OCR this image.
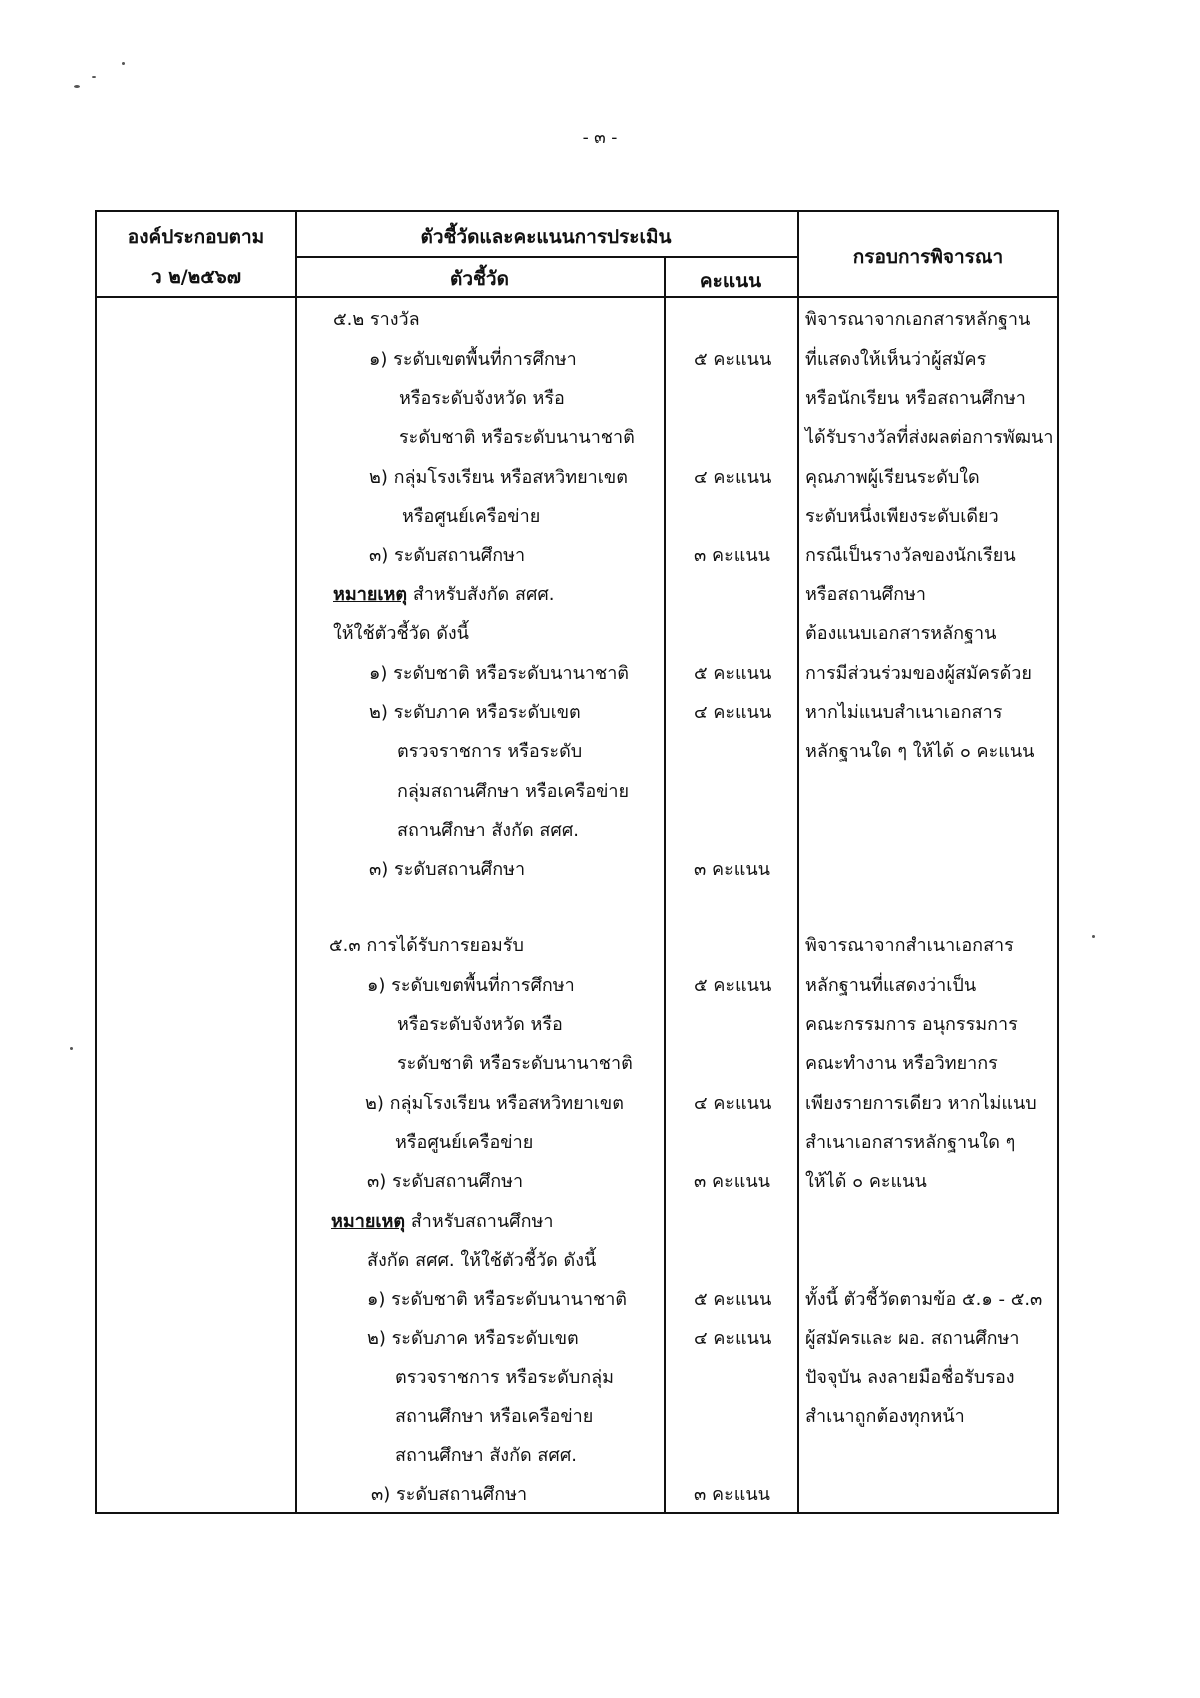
- ๓ -
องค์ประกอบตาม
ว ๒/๒๕๖๗
ตัวชี้วัดและคะแนนการประเมิน
ตัวชี้วัด	คะแนน
กรอบการพิจารณา
๕.๒ รางวัล
๑) ระดับเขตพื้นที่การศึกษา
หรือระดับจังหวัด หรือ
ระดับชาติ หรือระดับนานาชาติ
๒) กลุ่มโรงเรียน หรือสหวิทยาเขต
หรือศูนย์เครือข่าย
๓) ระดับสถานศึกษา
หมายเหตุ สำหรับสังกัด สศศ.
ให้ใช้ตัวชี้วัด ดังนี้
๑) ระดับชาติ หรือระดับนานาชาติ
๒) ระดับภาค หรือระดับเขต
ตรวจราชการ หรือระดับ
กลุ่มสถานศึกษา หรือเครือข่าย
สถานศึกษา สังกัด สศศ.
๓) ระดับสถานศึกษา
๕ คะแนน
๔ คะแนน
๓ คะแนน
๕ คะแนน
๔ คะแนน
๓ คะแนน
พิจารณาจากเอกสารหลักฐาน
ที่แสดงให้เห็นว่าผู้สมัคร
หรือนักเรียน หรือสถานศึกษา
ได้รับรางวัลที่ส่งผลต่อการพัฒนา
คุณภาพผู้เรียนระดับใด
ระดับหนึ่งเพียงระดับเดียว
กรณีเป็นรางวัลของนักเรียน
หรือสถานศึกษา
ต้องแนบเอกสารหลักฐาน
การมีส่วนร่วมของผู้สมัครด้วย
หากไม่แนบสำเนาเอกสาร
หลักฐานใด ๆ ให้ได้ ๐ คะแนน
๕.๓ การได้รับการยอมรับ
๑) ระดับเขตพื้นที่การศึกษา
หรือระดับจังหวัด หรือ
ระดับชาติ หรือระดับนานาชาติ
๒) กลุ่มโรงเรียน หรือสหวิทยาเขต
หรือศูนย์เครือข่าย
๓) ระดับสถานศึกษา
หมายเหตุ สำหรับสถานศึกษา
สังกัด สศศ. ให้ใช้ตัวชี้วัด ดังนี้
๑) ระดับชาติ หรือระดับนานาชาติ
๒) ระดับภาค หรือระดับเขต
ตรวจราชการ หรือระดับกลุ่ม
สถานศึกษา หรือเครือข่าย
สถานศึกษา สังกัด สศศ.
๓) ระดับสถานศึกษา
๕ คะแนน
๔ คะแนน
๓ คะแนน
๕ คะแนน
๔ คะแนน
๓ คะแนน
พิจารณาจากสำเนาเอกสาร
หลักฐานที่แสดงว่าเป็น
คณะกรรมการ อนุกรรมการ
คณะทำงาน หรือวิทยากร
เพียงรายการเดียว หากไม่แนบ
สำเนาเอกสารหลักฐานใด ๆ
ให้ได้ ๐ คะแนน
ทั้งนี้ ตัวชี้วัดตามข้อ ๕.๑ - ๕.๓
ผู้สมัครและ ผอ. สถานศึกษา
ปัจจุบัน ลงลายมือชื่อรับรอง
สำเนาถูกต้องทุกหน้า
